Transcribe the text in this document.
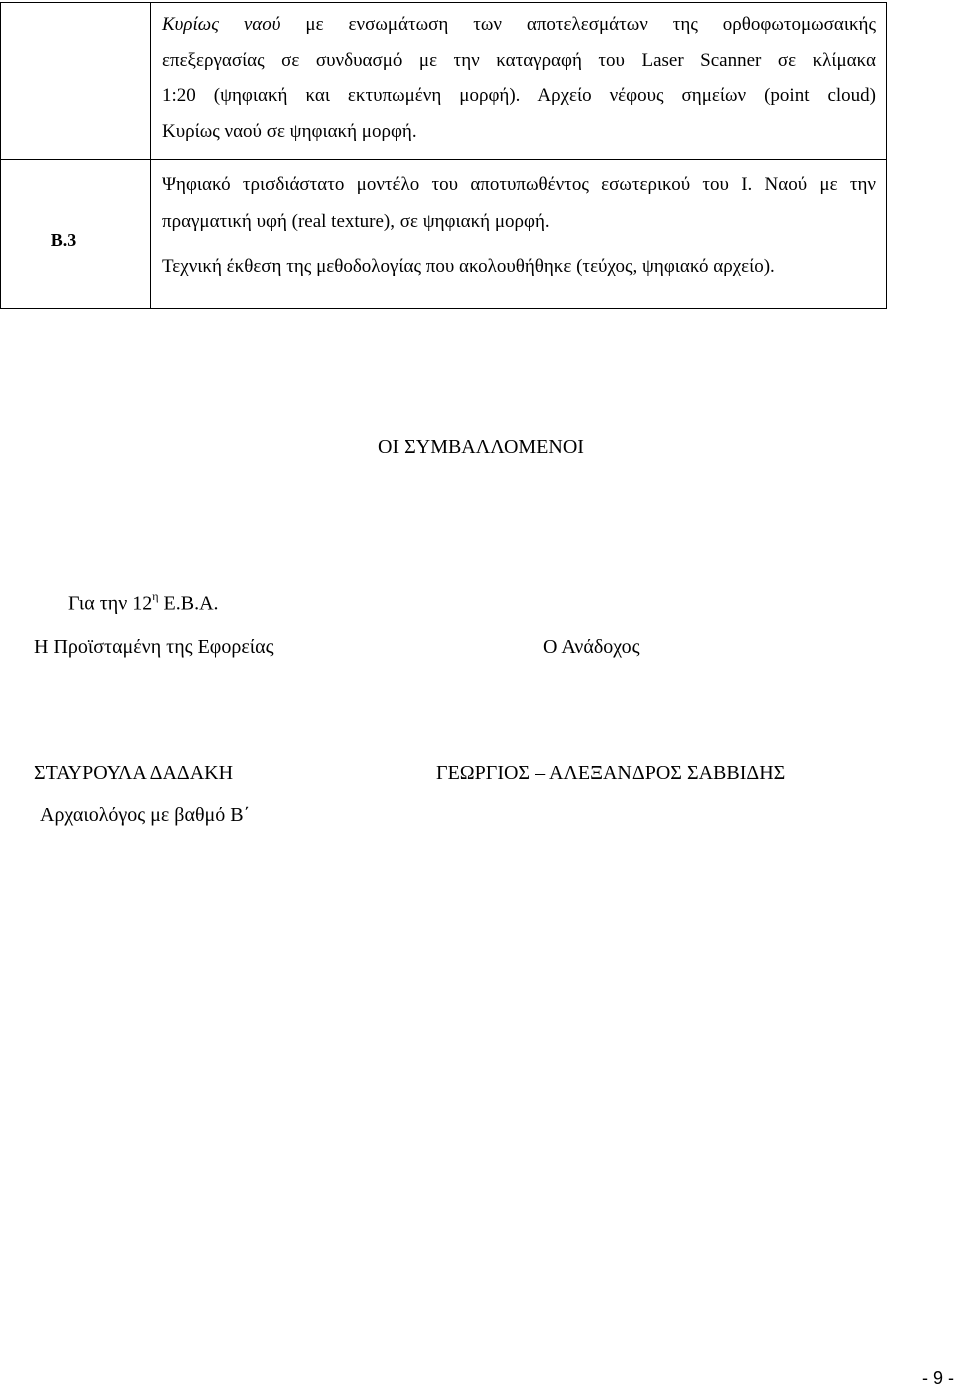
	Κυρίως ναού με ενσωμάτωση των αποτελεσμάτων της ορθοφωτομωσαικής
επεξεργασίας σε συνδυασμό με την καταγραφή του Laser Scanner σε κλίμακα
1:20 (ψηφιακή και εκτυπωμένη μορφή). Αρχείο νέφους σημείων (point cloud)
Κυρίως ναού σε ψηφιακή μορφή.

Β.3	Ψηφιακό τρισδιάστατο μοντέλο του αποτυπωθέντος εσωτερικού του Ι. Ναού με την
πραγματική υφή (real texture), σε ψηφιακή μορφή.
Τεχνική έκθεση της μεθοδολογίας που ακολουθήθηκε (τεύχος, ψηφιακό αρχείο).
ΟΙ ΣΥΜΒΑΛΛΟΜΕΝΟΙ
Για την $12^\eta$ Ε.Β.Α.
Η Προϊσταμένη της Εφορείας	Ο Ανάδοχος
ΣΤΑΥΡΟΥΛΑ ΔΑΔΑΚΗ	ΓΕΩΡΓΙΟΣ – ΑΛΕΞΑΝΔΡΟΣ ΣΑΒΒΙΔΗΣ
Αρχαιολόγος με βαθμό Β΄
- 9 -
